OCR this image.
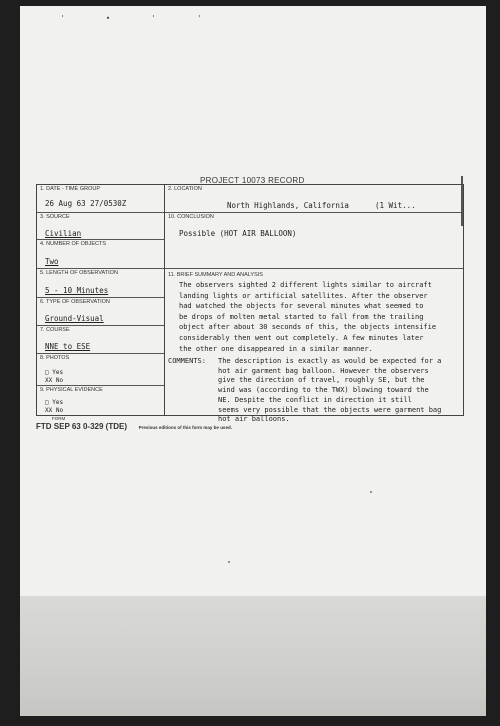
' • ' '
PROJECT 10073 RECORD
1. DATE - TIME GROUP
26 Aug 63 27/0530Z
3. SOURCE
Civilian
4. NUMBER OF OBJECTS
Two
5. LENGTH OF OBSERVATION
5 - 10 Minutes
6. TYPE OF OBSERVATION
Ground-Visual
7. COURSE
NNE to ESE
8. PHOTOS
□ Yes
XX No
9. PHYSICAL EVIDENCE
□ Yes
XX No
2. LOCATION
North Highlands, California	(1 Wit...
10. CONCLUSION
Possible (HOT AIR BALLOON)
11. BRIEF SUMMARY AND ANALYSIS

The observers sighted 2 different lights similar to aircraft

landing lights or artificial satellites. After the observer

had watched the objects for several minutes what seemed to

be drops of molten metal started to fall from the trailing

object after about 30 seconds of this, the objects intensifie

considerably then went out completely. A few minutes later

the other one disappeared in a similar manner.

COMMENTS: The description is exactly as would be expected for a

hot air garment bag balloon. However the observers

give the direction of travel, roughly SE, but the

wind was (according to the TWX) blowing toward the

NE. Despite the conflict in direction it still

seems very possible that the objects were garment bag

hot air balloons.

FORM
FTD SEP 63 0-329 (TDE)	Previous editions of this form may be used.
